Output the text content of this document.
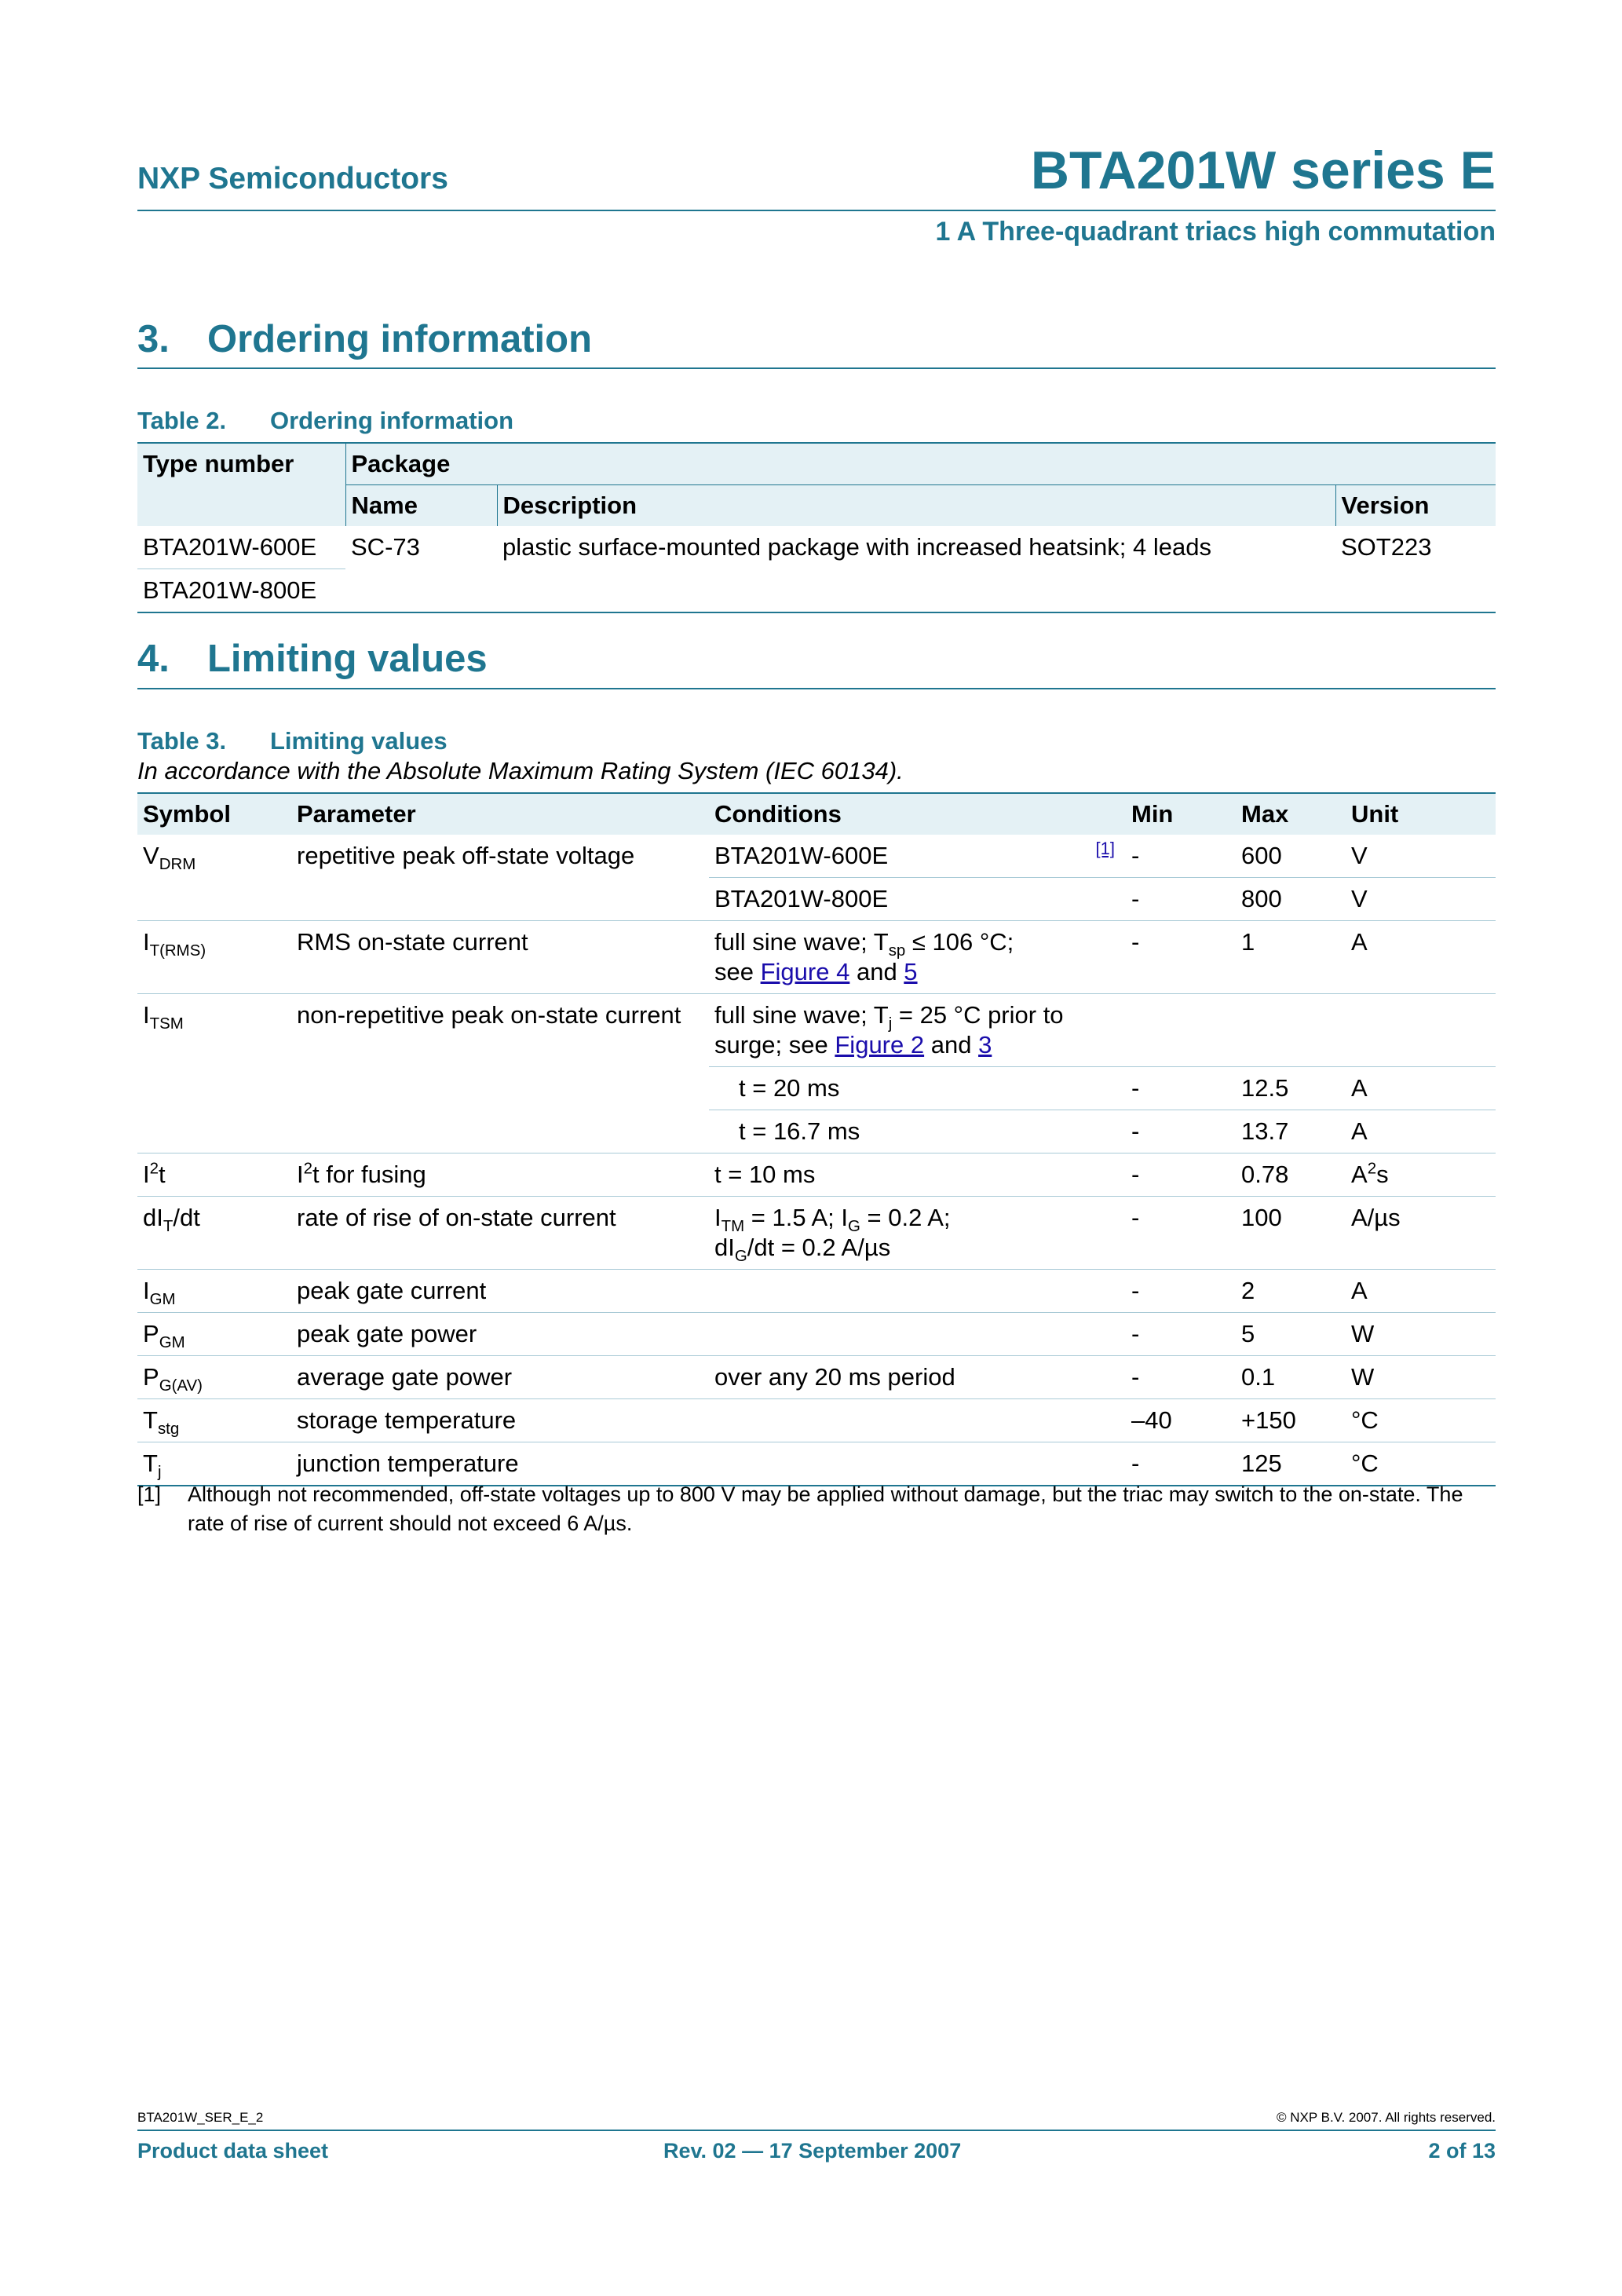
NXP Semiconductors	BTA201W series E
1 A Three-quadrant triacs high commutation
3. Ordering information
Table 2. Ordering information
Type number	Package		
	Name	Description	Version
BTA201W-600E	SC-73	plastic surface-mounted package with increased heatsink; 4 leads	SOT223
BTA201W-800E			
4. Limiting values
Table 3. Limiting values
In accordance with the Absolute Maximum Rating System (IEC 60134).
Symbol	Parameter	Conditions	Min	Max	Unit
$V_{DRM}$	repetitive peak off-state voltage	BTA201W-600E [1]	-	600	V
		BTA201W-800E	-	800	V
$I_{T(RMS)}$	RMS on-state current	full sine wave; $T_{sp} \le 106$ °C;
see Figure 4 and 5	-	1	A
$I_{TSM}$	non-repetitive peak on-state current	full sine wave; $T_j = 25$ °C prior to
surge; see Figure 2 and 3			
		t = 20 ms	-	12.5	A
		t = 16.7 ms	-	13.7	A
$I^2t$	$I^2t$ for fusing	t = 10 ms	-	0.78	$A^2s$
$dI_T/dt$	rate of rise of on-state current	$I_{TM} = 1.5$ A; $I_G = 0.2$ A;
$dI_G/dt = 0.2$ A/µs	-	100	A/µs
$I_{GM}$	peak gate current		-	2	A
$P_{GM}$	peak gate power		-	5	W
$P_{G(AV)}$	average gate power	over any 20 ms period	-	0.1	W
$T_{stg}$	storage temperature		–40	+150	°C
$T_j$	junction temperature		-	125	°C
[1] Although not recommended, off-state voltages up to 800 V may be applied without damage, but the triac may switch to the on-state. The rate of rise of current should not exceed 6 A/µs.
BTA201W_SER_E_2	© NXP B.V. 2007. All rights reserved.
Product data sheet	Rev. 02 — 17 September 2007	2 of 13
